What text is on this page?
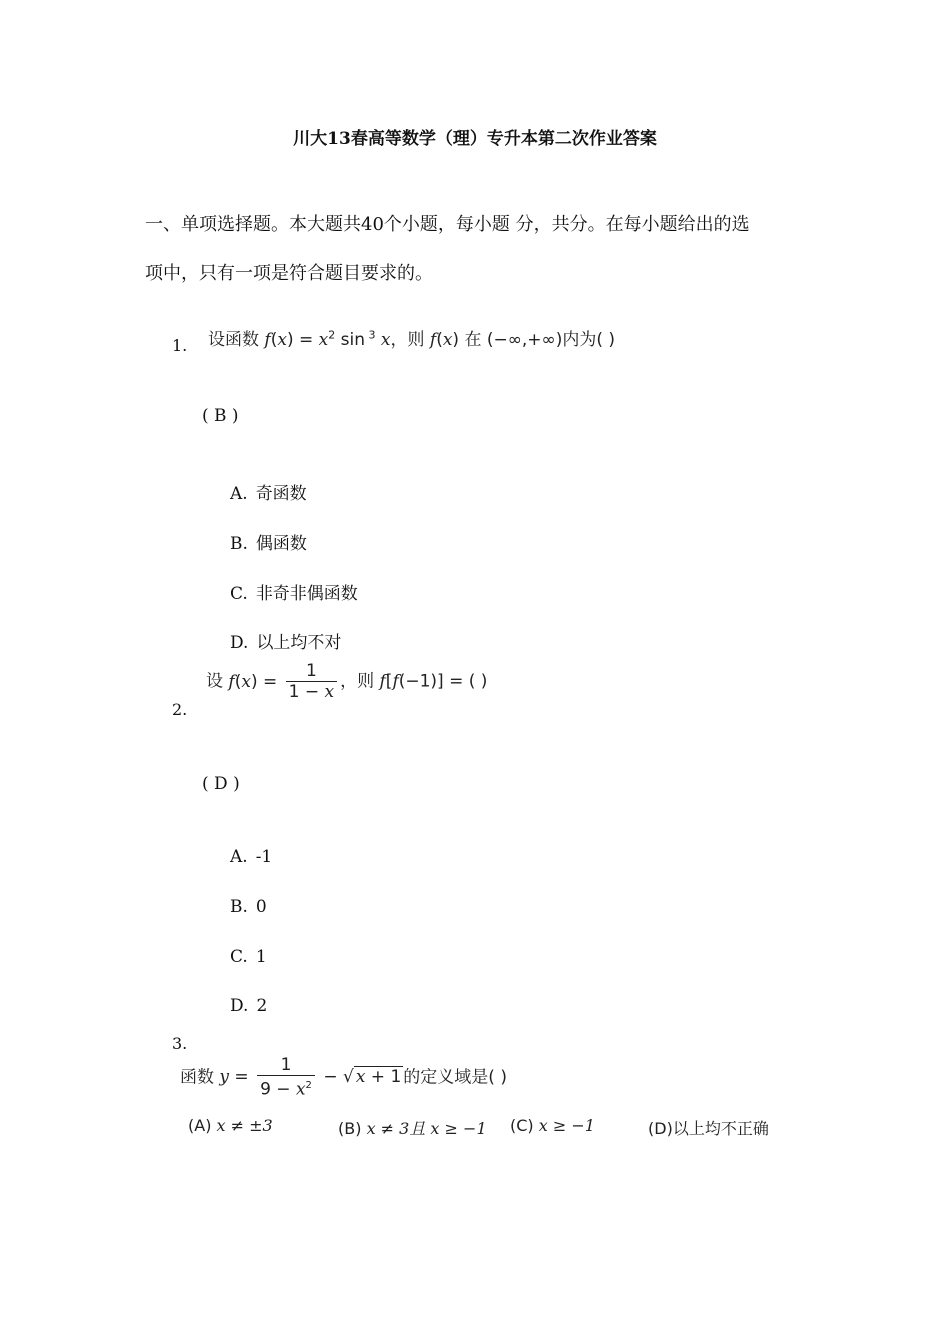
川大13春高等数学（理）专升本第二次作业答案
一、单项选择题。本大题共40个小题，每小题 分，共分。在每小题给出的选
项中，只有一项是符合题目要求的。
1. 设函数 $f(x) = x^2$ sin $^3$ x，则 f(x) 在 (−∞,+∞)内为( )
( B )
A. 奇函数
B. 偶函数
C. 非奇非偶函数
D. 以上均不对
设 $f(x) = \frac{1}{1 - x}$ ，则 f[f(−1)] = ( )
2.
( D )
A. -1
B. 0
C. 1
D. 2
3.
函数 $y = \frac{1}{9 - x^2}$ − √ x + 1 的定义域是( )
(A) x ≠ ±3	(B) x ≠ 3且 x ≥ −1 (C) x ≥ −1	(D)以上均不正确
